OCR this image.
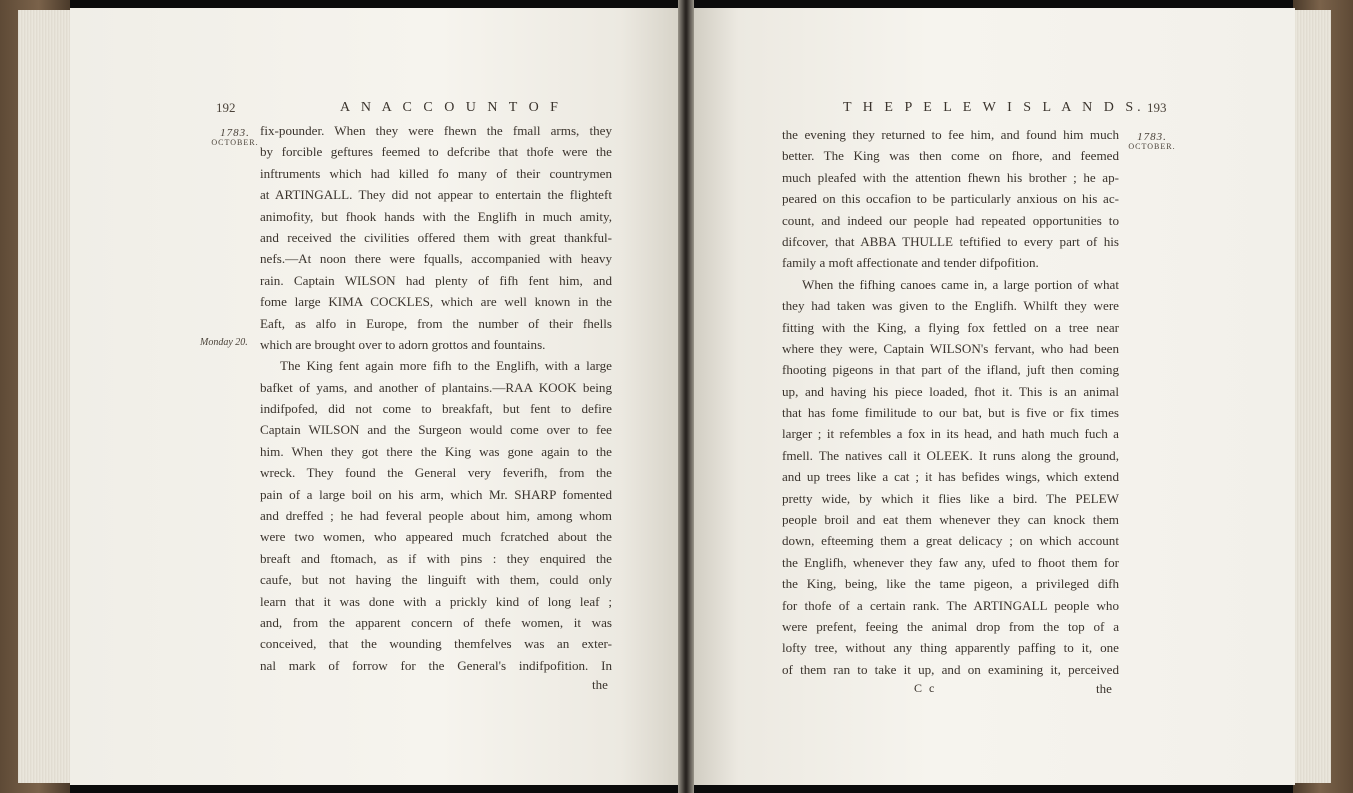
192	A N A C C O U N T O F
1783.
OCTOBER.
Monday 20.
fix-pounder. When they were fhewn the fmall arms, they
by forcible geftures feemed to defcribe that thofe were the
inftruments which had killed fo many of their countrymen
at ARTINGALL. They did not appear to entertain the flighteft
animofity, but fhook hands with the Englifh in much amity,
and received the civilities offered them with great thankful-
nefs.—At noon there were fqualls, accompanied with heavy
rain. Captain WILSON had plenty of fifh fent him, and
fome large KIMA COCKLES, which are well known in the
Eaft, as alfo in Europe, from the number of their fhells
which are brought over to adorn grottos and fountains.
The King fent again more fifh to the Englifh, with a large
bafket of yams, and another of plantains.—RAA KOOK being
indifpofed, did not come to breakfaft, but fent to defire
Captain WILSON and the Surgeon would come over to fee
him. When they got there the King was gone again to the
wreck. They found the General very feverifh, from the
pain of a large boil on his arm, which Mr. SHARP fomented
and dreffed ; he had feveral people about him, among whom
were two women, who appeared much fcratched about the
breaft and ftomach, as if with pins : they enquired the
caufe, but not having the linguift with them, could only
learn that it was done with a prickly kind of long leaf ;
and, from the apparent concern of thefe women, it was
conceived, that the wounding themfelves was an exter-
nal mark of forrow for the General's indifpofition. In
the
T H E P E L E W I S L A N D S. 193
1783.
OCTOBER.
the evening they returned to fee him, and found him much
better. The King was then come on fhore, and feemed
much pleafed with the attention fhewn his brother ; he ap-
peared on this occafion to be particularly anxious on his ac-
count, and indeed our people had repeated opportunities to
difcover, that ABBA THULLE teftified to every part of his
family a moft affectionate and tender difpofition.
When the fifhing canoes came in, a large portion of what
they had taken was given to the Englifh. Whilft they were
fitting with the King, a flying fox fettled on a tree near
where they were, Captain WILSON's fervant, who had been
fhooting pigeons in that part of the ifland, juft then coming
up, and having his piece loaded, fhot it. This is an animal
that has fome fimilitude to our bat, but is five or fix times
larger ; it refembles a fox in its head, and hath much fuch a
fmell. The natives call it OLEEK. It runs along the ground,
and up trees like a cat ; it has befides wings, which extend
pretty wide, by which it flies like a bird. The PELEW
people broil and eat them whenever they can knock them
down, efteeming them a great delicacy ; on which account
the Englifh, whenever they faw any, ufed to fhoot them for
the King, being, like the tame pigeon, a privileged difh
for thofe of a certain rank. The ARTINGALL people who
were prefent, feeing the animal drop from the top of a
lofty tree, without any thing apparently paffing to it, one
of them ran to take it up, and on examining it, perceived
C c	the
